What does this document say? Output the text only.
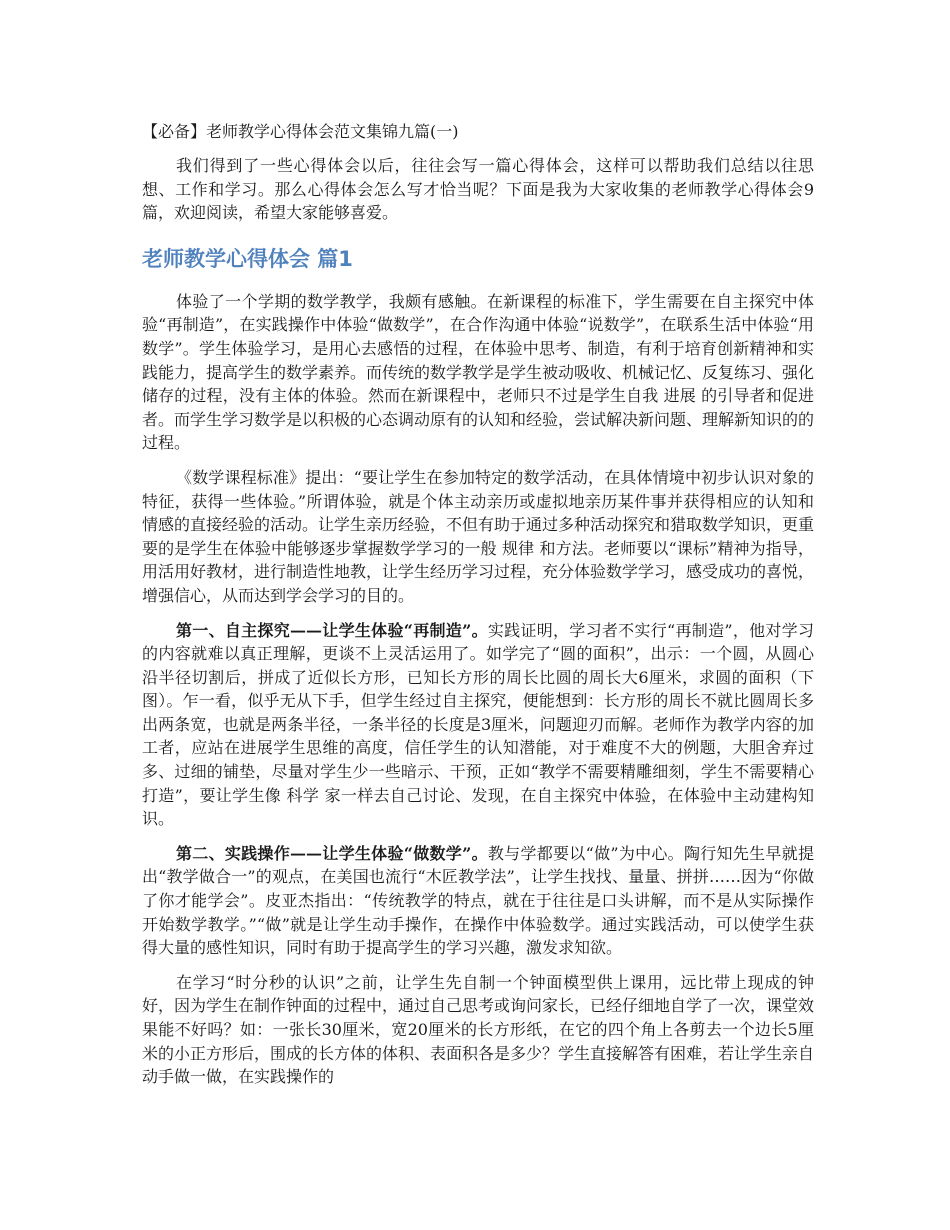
【必备】老师教学心得体会范文集锦九篇(一)

我们得到了一些心得体会以后，往往会写一篇心得体会，这样可以帮助我们总结以往思想、工作和学习。那么心得体会怎么写才恰当呢？下面是我为大家收集的老师教学心得体会9篇，欢迎阅读，希望大家能够喜爱。

老师教学心得体会 篇1

体验了一个学期的数学教学，我颇有感触。在新课程的标准下，学生需要在自主探究中体验“再制造”，在实践操作中体验“做数学”，在合作沟通中体验“说数学”，在联系生活中体验“用数学”。学生体验学习，是用心去感悟的过程，在体验中思考、制造，有利于培育创新精神和实践能力，提高学生的数学素养。而传统的数学教学是学生被动吸收、机械记忆、反复练习、强化储存的过程，没有主体的体验。然而在新课程中，老师只不过是学生自我 进展 的引导者和促进者。而学生学习数学是以积极的心态调动原有的认知和经验，尝试解决新问题、理解新知识的的过程。

《数学课程标准》提出：“要让学生在参加特定的数学活动，在具体情境中初步认识对象的特征，获得一些体验。”所谓体验，就是个体主动亲历或虚拟地亲历某件事并获得相应的认知和情感的直接经验的活动。让学生亲历经验，不但有助于通过多种活动探究和猎取数学知识，更重要的是学生在体验中能够逐步掌握数学学习的一般 规律 和方法。老师要以“课标”精神为指导，用活用好教材，进行制造性地教，让学生经历学习过程，充分体验数学学习，感受成功的喜悦，增强信心，从而达到学会学习的目的。

第一、自主探究——让学生体验“再制造”。实践证明，学习者不实行“再制造”，他对学习的内容就难以真正理解，更谈不上灵活运用了。如学完了“圆的面积”，出示：一个圆，从圆心沿半径切割后，拼成了近似长方形，已知长方形的周长比圆的周长大6厘米，求圆的面积（下图）。乍一看，似乎无从下手，但学生经过自主探究，便能想到：长方形的周长不就比圆周长多出两条宽，也就是两条半径，一条半径的长度是3厘米，问题迎刃而解。老师作为教学内容的加工者，应站在进展学生思维的高度，信任学生的认知潜能，对于难度不大的例题，大胆舍弃过多、过细的铺垫，尽量对学生少一些暗示、干预，正如“教学不需要精雕细刻，学生不需要精心打造”，要让学生像 科学 家一样去自己讨论、发现，在自主探究中体验，在体验中主动建构知识。

第二、实践操作——让学生体验“做数学”。教与学都要以“做”为中心。陶行知先生早就提出“教学做合一”的观点，在美国也流行“木匠教学法”，让学生找找、量量、拼拼……因为“你做了你才能学会”。皮亚杰指出：“传统教学的特点，就在于往往是口头讲解，而不是从实际操作开始数学教学。”“做”就是让学生动手操作，在操作中体验数学。通过实践活动，可以使学生获得大量的感性知识，同时有助于提高学生的学习兴趣，激发求知欲。

在学习“时分秒的认识”之前，让学生先自制一个钟面模型供上课用，远比带上现成的钟好，因为学生在制作钟面的过程中，通过自己思考或询问家长，已经仔细地自学了一次，课堂效果能不好吗？如：一张长30厘米，宽20厘米的长方形纸，在它的四个角上各剪去一个边长5厘米的小正方形后，围成的长方体的体积、表面积各是多少？学生直接解答有困难，若让学生亲自动手做一做，在实践操作的
